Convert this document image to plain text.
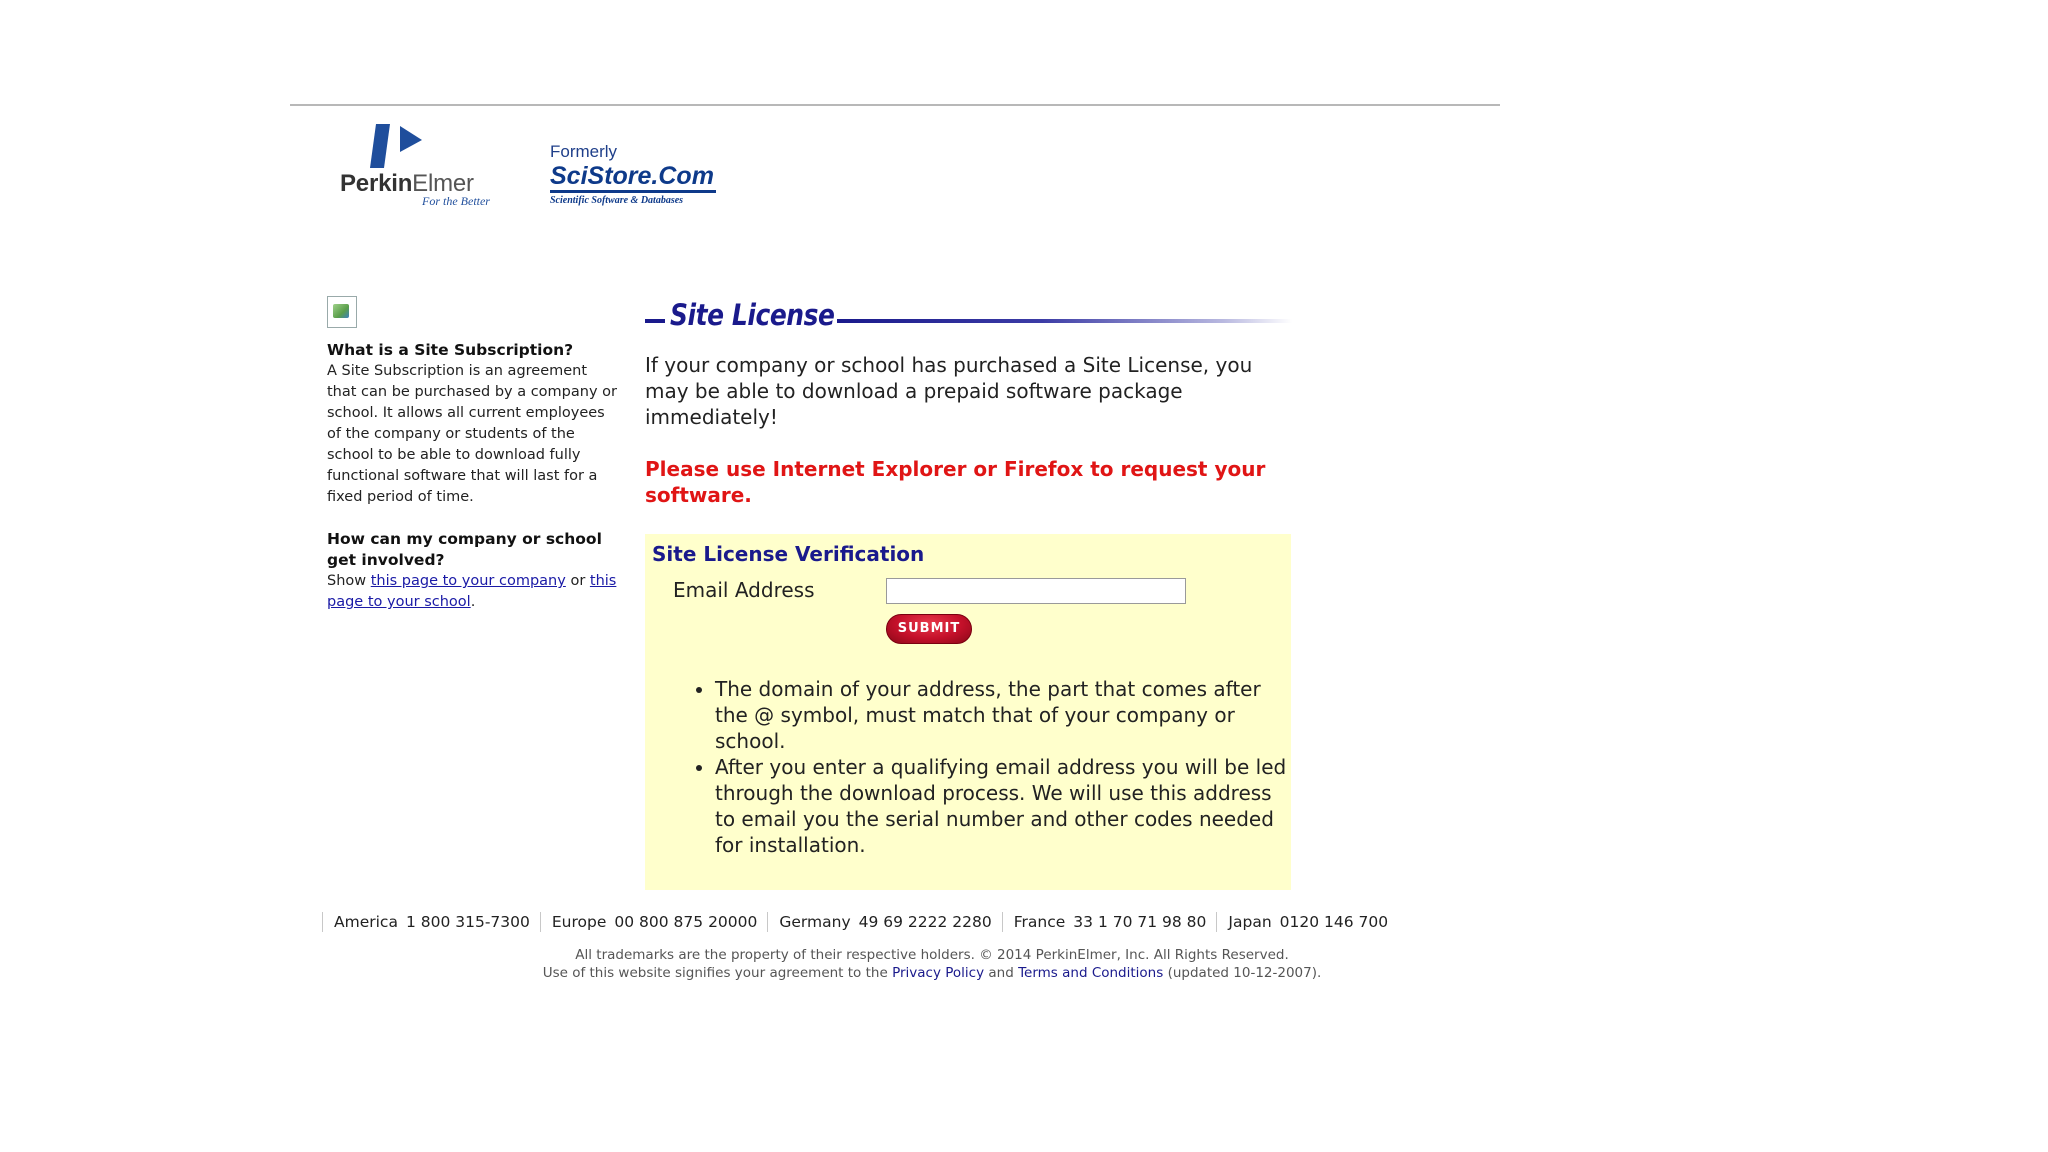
PerkinElmer
For the Better
Formerly
SciStore.Com
Scientific Software & Databases
What is a Site Subscription?

A Site Subscription is an agreement that can be purchased by a company or school. It allows all current employees of the company or students of the school to be able to download fully functional software that will last for a fixed period of time.

How can my company or school get involved?
Show this page to your company or this page to your school.
Site License
If your company or school has purchased a Site License, you may be able to download a prepaid software package immediately!
Please use Internet Explorer or Firefox to request your software.
Site License Verification
Email Address
SUBMIT
• The domain of your address, the part that comes after the @ symbol, must match that of your company or school.
• After you enter a qualifying email address you will be led through the download process. We will use this address to email you the serial number and other codes needed for installation.
America 1 800 315-7300	Europe 00 800 875 20000	Germany 49 69 2222 2280	France 33 1 70 71 98 80	Japan 0120 146 700
All trademarks are the property of their respective holders. © 2014 PerkinElmer, Inc. All Rights Reserved.
Use of this website signifies your agreement to the Privacy Policy and Terms and Conditions (updated 10-12-2007).
